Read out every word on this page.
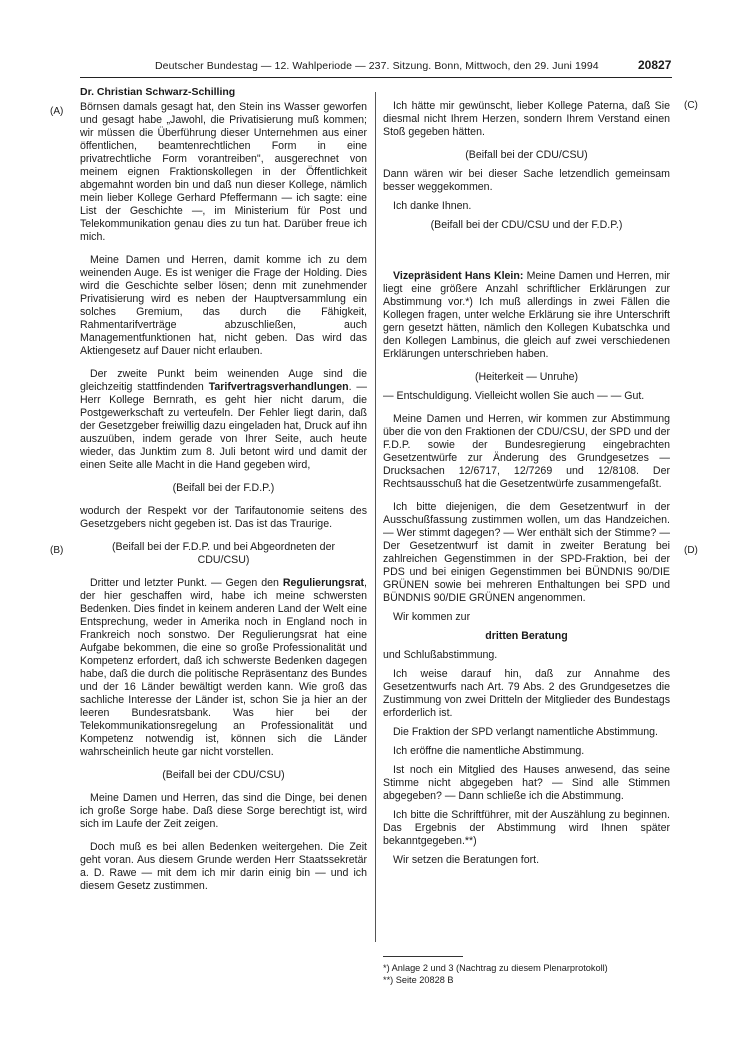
Deutscher Bundestag — 12. Wahlperiode — 237. Sitzung. Bonn, Mittwoch, den 29. Juni 1994	20827
(A)
(B)
(C)
(D)
Dr. Christian Schwarz-Schilling

Börnsen damals gesagt hat, den Stein ins Wasser geworfen und gesagt habe „Jawohl, die Privatisierung muß kommen; wir müssen die Überführung dieser Unternehmen aus einer öffentlichen, beamtenrechtlichen Form in eine privatrechtliche Form vorantreiben", ausgerechnet von meinem eignen Fraktionskollegen in der Öffentlichkeit abgemahnt worden bin und daß nun dieser Kollege, nämlich mein lieber Kollege Gerhard Pfeffermann — ich sagte: eine List der Geschichte —, im Ministerium für Post und Telekommunikation genau dies zu tun hat. Darüber freue ich mich.

Meine Damen und Herren, damit komme ich zu dem weinenden Auge. Es ist weniger die Frage der Holding. Dies wird die Geschichte selber lösen; denn mit zunehmender Privatisierung wird es neben der Hauptversammlung ein solches Gremium, das durch die Fähigkeit, Rahmentarifverträge abzuschließen, auch Managementfunktionen hat, nicht geben. Das wird das Aktiengesetz auf Dauer nicht erlauben.

Der zweite Punkt beim weinenden Auge sind die gleichzeitig stattfindenden Tarifvertragsverhandlungen. — Herr Kollege Bernrath, es geht hier nicht darum, die Postgewerkschaft zu verteufeln. Der Fehler liegt darin, daß der Gesetzgeber freiwillig dazu eingeladen hat, Druck auf ihn auszuüben, indem gerade von Ihrer Seite, auch heute wieder, das Junktim zum 8. Juli betont wird und damit der einen Seite alle Macht in die Hand gegeben wird,

(Beifall bei der F.D.P.)

wodurch der Respekt vor der Tarifautonomie seitens des Gesetzgebers nicht gegeben ist. Das ist das Traurige.

(Beifall bei der F.D.P. und bei Abgeordneten der CDU/CSU)

Dritter und letzter Punkt. — Gegen den Regulierungsrat, der hier geschaffen wird, habe ich meine schwersten Bedenken. Dies findet in keinem anderen Land der Welt eine Entsprechung, weder in Amerika noch in England noch in Frankreich noch sonstwo. Der Regulierungsrat hat eine Aufgabe bekommen, die eine so große Professionalität und Kompetenz erfordert, daß ich schwerste Bedenken dagegen habe, daß die durch die politische Repräsentanz des Bundes und der 16 Länder bewältigt werden kann. Wie groß das sachliche Interesse der Länder ist, schon Sie ja hier an der leeren Bundesratsbank. Was hier bei der Telekommunikationsregelung an Professionalität und Kompetenz notwendig ist, können sich die Länder wahrscheinlich heute gar nicht vorstellen.

(Beifall bei der CDU/CSU)

Meine Damen und Herren, das sind die Dinge, bei denen ich große Sorge habe. Daß diese Sorge berechtigt ist, wird sich im Laufe der Zeit zeigen.

Doch muß es bei allen Bedenken weitergehen. Die Zeit geht voran. Aus diesem Grunde werden Herr Staatssekretär a. D. Rawe — mit dem ich mir darin einig bin — und ich diesem Gesetz zustimmen.

Ich hätte mir gewünscht, lieber Kollege Paterna, daß Sie diesmal nicht Ihrem Herzen, sondern Ihrem Verstand einen Stoß gegeben hätten.

(Beifall bei der CDU/CSU)

Dann wären wir bei dieser Sache letzendlich gemeinsam besser weggekommen.

Ich danke Ihnen.

(Beifall bei der CDU/CSU und der F.D.P.)

Vizepräsident Hans Klein: Meine Damen und Herren, mir liegt eine größere Anzahl schriftlicher Erklärungen zur Abstimmung vor.*) Ich muß allerdings in zwei Fällen die Kollegen fragen, unter welche Erklärung sie ihre Unterschrift gern gesetzt hätten, nämlich den Kollegen Kubatschka und den Kollegen Lambinus, die gleich auf zwei verschiedenen Erklärungen unterschrieben haben.

(Heiterkeit — Unruhe)

— Entschuldigung. Vielleicht wollen Sie auch — — Gut.

Meine Damen und Herren, wir kommen zur Abstimmung über die von den Fraktionen der CDU/CSU, der SPD und der F.D.P. sowie der Bundesregierung eingebrachten Gesetzentwürfe zur Änderung des Grundgesetzes — Drucksachen 12/6717, 12/7269 und 12/8108. Der Rechtsausschuß hat die Gesetzentwürfe zusammengefaßt.

Ich bitte diejenigen, die dem Gesetzentwurf in der Ausschußfassung zustimmen wollen, um das Handzeichen. — Wer stimmt dagegen? — Wer enthält sich der Stimme? — Der Gesetzentwurf ist damit in zweiter Beratung bei zahlreichen Gegenstimmen in der SPD-Fraktion, bei der PDS und bei einigen Gegenstimmen bei BÜNDNIS 90/DIE GRÜNEN sowie bei mehreren Enthaltungen bei SPD und BÜNDNIS 90/DIE GRÜNEN angenommen.

Wir kommen zur

dritten Beratung

und Schlußabstimmung.

Ich weise darauf hin, daß zur Annahme des Gesetzentwurfs nach Art. 79 Abs. 2 des Grundgesetzes die Zustimmung von zwei Dritteln der Mitglieder des Bundestags erforderlich ist.

Die Fraktion der SPD verlangt namentliche Abstimmung.

Ich eröffne die namentliche Abstimmung.

Ist noch ein Mitglied des Hauses anwesend, das seine Stimme nicht abgegeben hat? — Sind alle Stimmen abgegeben? — Dann schließe ich die Abstimmung.

Ich bitte die Schriftführer, mit der Auszählung zu beginnen. Das Ergebnis der Abstimmung wird Ihnen später bekanntgegeben.**)

Wir setzen die Beratungen fort.

*) Anlage 2 und 3 (Nachtrag zu diesem Plenarprotokoll)

**) Seite 20828 B
